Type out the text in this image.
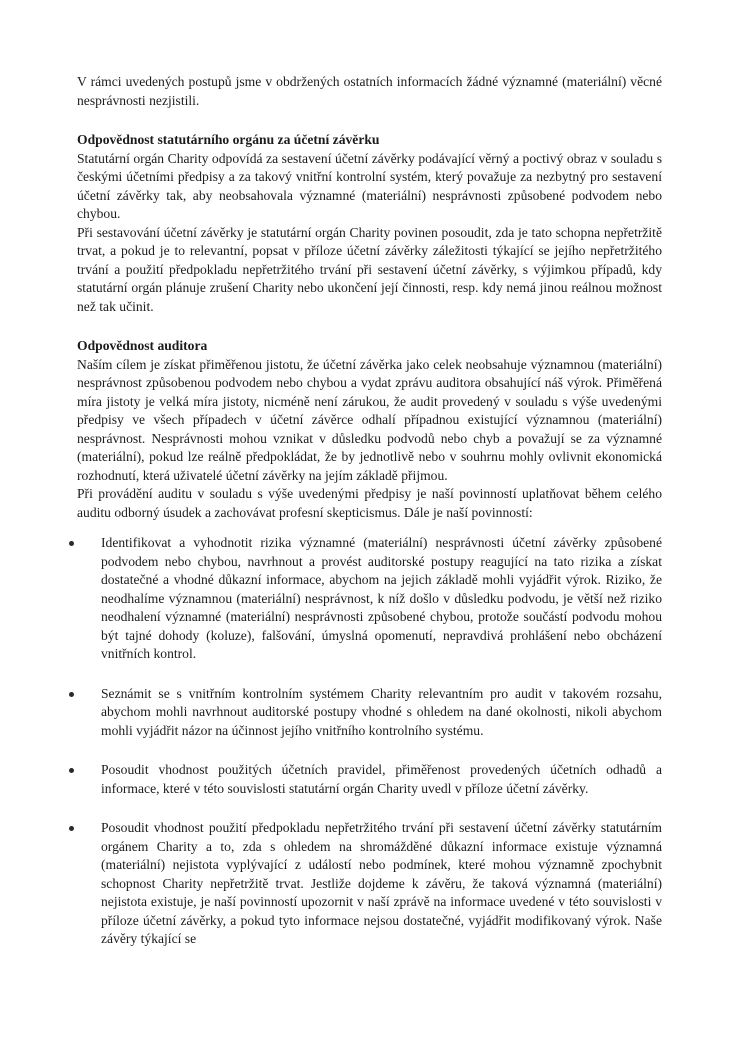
V rámci uvedených postupů jsme v obdržených ostatních informacích žádné významné (materiální) věcné nesprávnosti nezjistili.

Odpovědnost statutárního orgánu za účetní závěrku

Statutární orgán Charity odpovídá za sestavení účetní závěrky podávající věrný a poctivý obraz v souladu s českými účetními předpisy a za takový vnitřní kontrolní systém, který považuje za nezbytný pro sestavení účetní závěrky tak, aby neobsahovala významné (materiální) nesprávnosti způsobené podvodem nebo chybou.

Při sestavování účetní závěrky je statutární orgán Charity povinen posoudit, zda je tato schopna nepřetržitě trvat, a pokud je to relevantní, popsat v příloze účetní závěrky záležitosti týkající se jejího nepřetržitého trvání a použití předpokladu nepřetržitého trvání při sestavení účetní závěrky, s výjimkou případů, kdy statutární orgán plánuje zrušení Charity nebo ukončení její činnosti, resp. kdy nemá jinou reálnou možnost než tak učinit.

Odpovědnost auditora

Naším cílem je získat přiměřenou jistotu, že účetní závěrka jako celek neobsahuje významnou (materiální) nesprávnost způsobenou podvodem nebo chybou a vydat zprávu auditora obsahující náš výrok. Přiměřená míra jistoty je velká míra jistoty, nicméně není zárukou, že audit provedený v souladu s výše uvedenými předpisy ve všech případech v účetní závěrce odhalí případnou existující významnou (materiální) nesprávnost. Nesprávnosti mohou vznikat v důsledku podvodů nebo chyb a považují se za významné (materiální), pokud lze reálně předpokládat, že by jednotlivě nebo v souhrnu mohly ovlivnit ekonomická rozhodnutí, která uživatelé účetní závěrky na jejím základě přijmou.

Při provádění auditu v souladu s výše uvedenými předpisy je naší povinností uplatňovat během celého auditu odborný úsudek a zachovávat profesní skepticismus. Dále je naší povinností:

Identifikovat a vyhodnotit rizika významné (materiální) nesprávnosti účetní závěrky způsobené podvodem nebo chybou, navrhnout a provést auditorské postupy reagující na tato rizika a získat dostatečné a vhodné důkazní informace, abychom na jejich základě mohli vyjádřit výrok. Riziko, že neodhalíme významnou (materiální) nesprávnost, k níž došlo v důsledku podvodu, je větší než riziko neodhalení významné (materiální) nesprávnosti způsobené chybou, protože součástí podvodu mohou být tajné dohody (koluze), falšování, úmyslná opomenutí, nepravdivá prohlášení nebo obcházení vnitřních kontrol.
Seznámit se s vnitřním kontrolním systémem Charity relevantním pro audit v takovém rozsahu, abychom mohli navrhnout auditorské postupy vhodné s ohledem na dané okolnosti, nikoli abychom mohli vyjádřit názor na účinnost jejího vnitřního kontrolního systému.
Posoudit vhodnost použitých účetních pravidel, přiměřenost provedených účetních odhadů a informace, které v této souvislosti statutární orgán Charity uvedl v příloze účetní závěrky.
Posoudit vhodnost použití předpokladu nepřetržitého trvání při sestavení účetní závěrky statutárním orgánem Charity a to, zda s ohledem na shromážděné důkazní informace existuje významná (materiální) nejistota vyplývající z událostí nebo podmínek, které mohou významně zpochybnit schopnost Charity nepřetržitě trvat. Jestliže dojdeme k závěru, že taková významná (materiální) nejistota existuje, je naší povinností upozornit v naší zprávě na informace uvedené v této souvislosti v příloze účetní závěrky, a pokud tyto informace nejsou dostatečné, vyjádřit modifikovaný výrok. Naše závěry týkající se
